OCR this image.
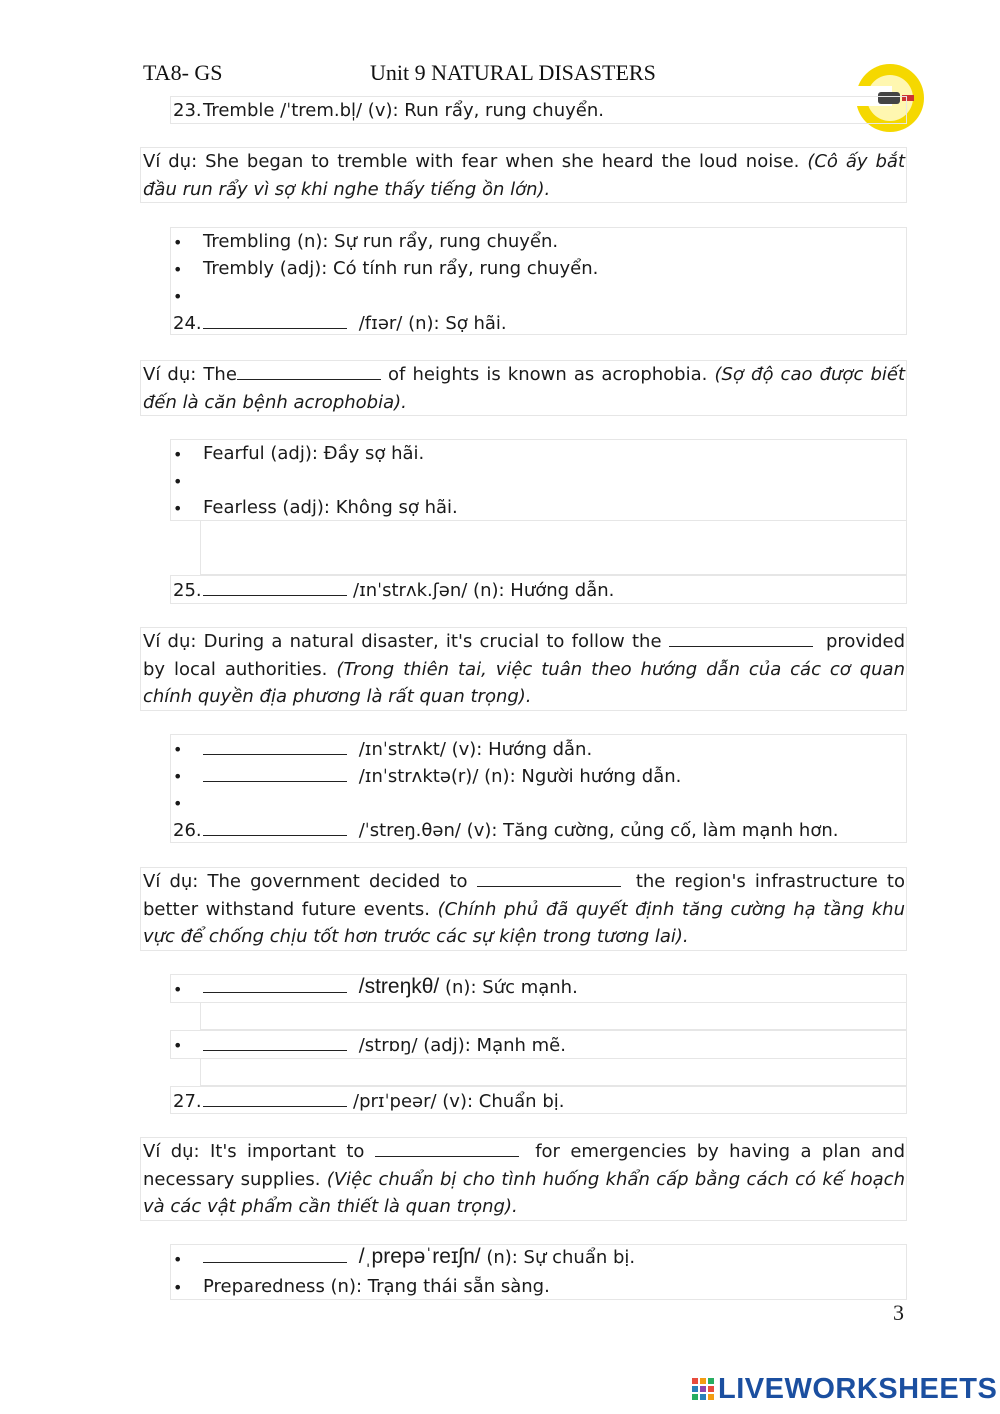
TA8- GS	Unit 9 NATURAL DISASTERS
23.Tremble /ˈtrem.bl̩/ (v): Run rẩy, rung chuyển.
Ví dụ: She began to tremble with fear when she heard the loud noise. (Cô ấy bắt đầu run rẩy vì sợ khi nghe thấy tiếng ồn lớn).
• Trembling (n): Sự run rẩy, rung chuyển.
• Trembly (adj): Có tính run rẩy, rung chuyển.
•
24.	/fɪər/ (n): Sợ hãi.
Ví dụ: The	of heights is known as acrophobia. (Sợ độ cao được biết đến là căn bệnh acrophobia).
• Fearful (adj): Đầy sợ hãi.
•
• Fearless (adj): Không sợ hãi.
25.	/ɪnˈstrʌk.ʃən/ (n): Hướng dẫn.
Ví dụ: During a natural disaster, it's crucial to follow the	provided by local authorities. (Trong thiên tai, việc tuân theo hướng dẫn của các cơ quan chính quyền địa phương là rất quan trọng).
•	/ɪnˈstrʌkt/ (v): Hướng dẫn.
•	/ɪnˈstrʌktə(r)/ (n): Người hướng dẫn.
•
26.	/ˈstreŋ.θən/ (v): Tăng cường, củng cố, làm mạnh hơn.
Ví dụ: The government decided to	the region's infrastructure to better withstand future events. (Chính phủ đã quyết định tăng cường hạ tầng khu vực để chống chịu tốt hơn trước các sự kiện trong tương lai).
•	/streŋkθ/ (n): Sức mạnh.
•	/strɒŋ/ (adj): Mạnh mẽ.
27.	/prɪˈpeər/ (v): Chuẩn bị.
Ví dụ: It's important to	for emergencies by having a plan and necessary supplies. (Việc chuẩn bị cho tình huống khẩn cấp bằng cách có kế hoạch và các vật phẩm cần thiết là quan trọng).
•	/ˌprepəˈreɪʃn/ (n): Sự chuẩn bị.
• Preparedness (n): Trạng thái sẵn sàng.
3
LIVEWORKSHEETS
